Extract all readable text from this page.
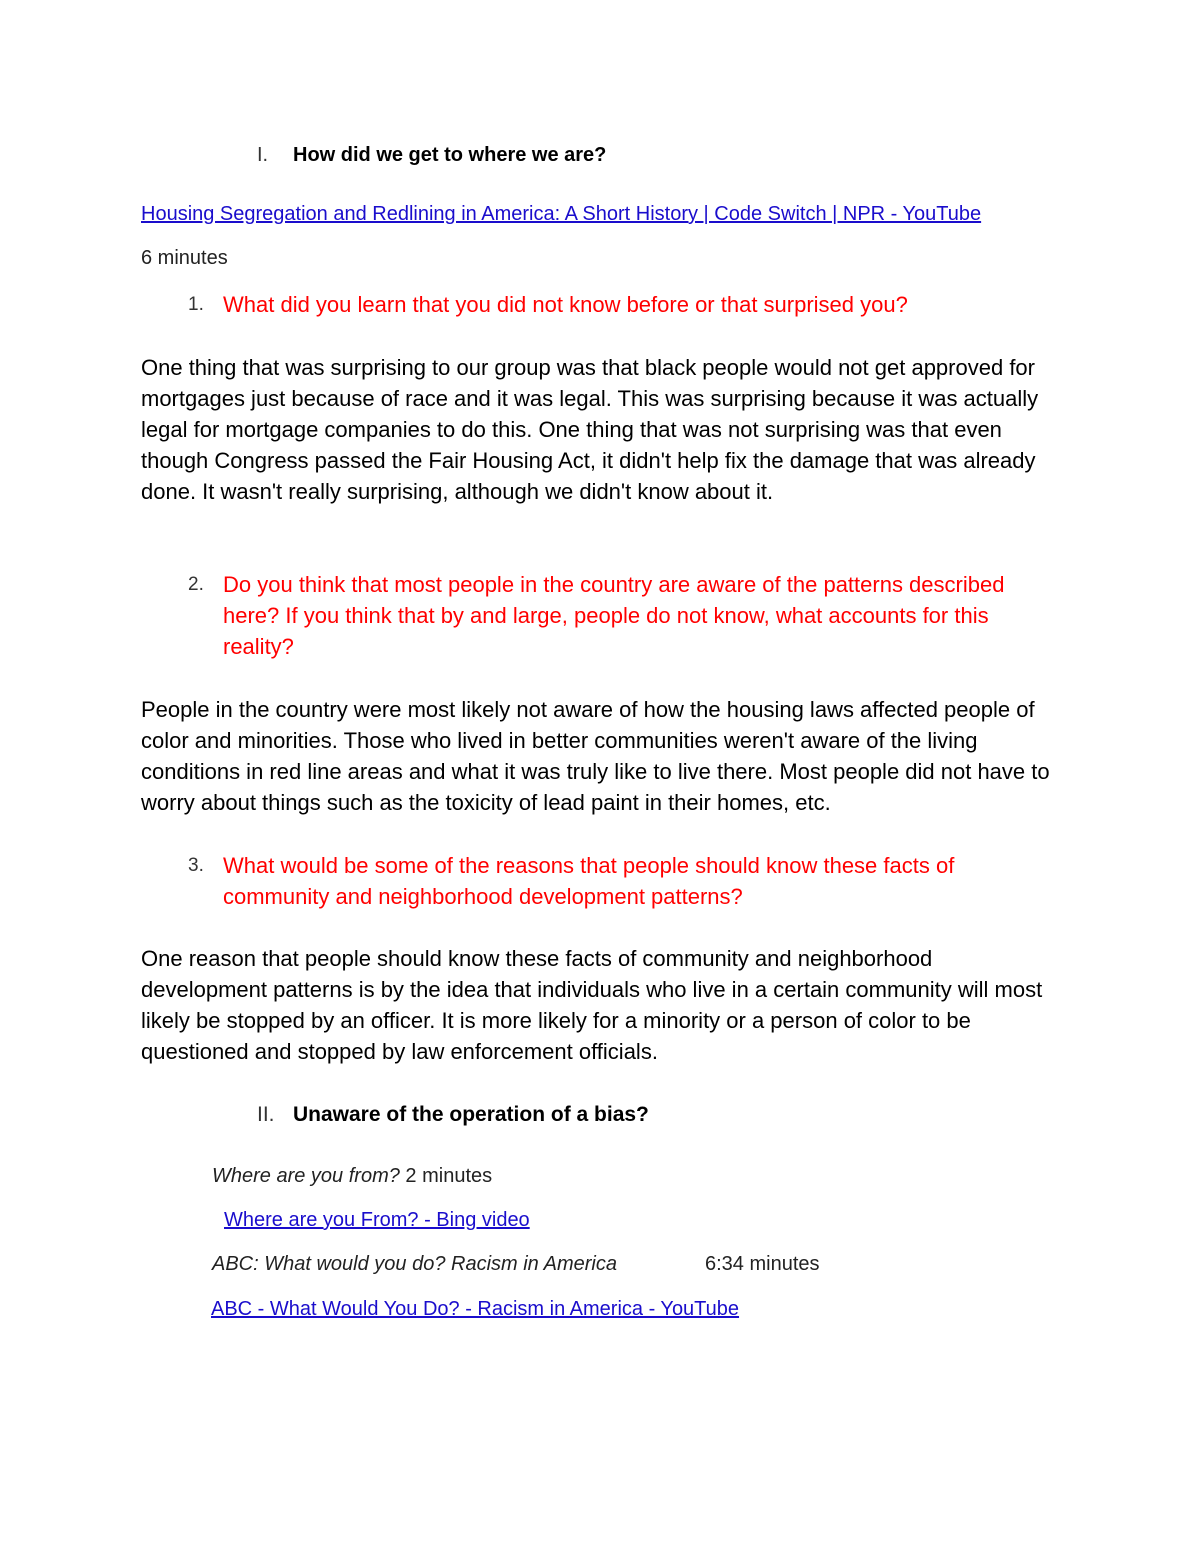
I. How did we get to where we are?
Housing Segregation and Redlining in America: A Short History | Code Switch | NPR - YouTube
6 minutes
1. What did you learn that you did not know before or that surprised you?
One thing that was surprising to our group was that black people would not get approved for mortgages just because of race and it was legal. This was surprising because it was actually legal for mortgage companies to do this. One thing that was not surprising was that even though Congress passed the Fair Housing Act, it didn't help fix the damage that was already done. It wasn't really surprising, although we didn't know about it.
2. Do you think that most people in the country are aware of the patterns described here? If you think that by and large, people do not know, what accounts for this reality?
People in the country were most likely not aware of how the housing laws affected people of color and minorities. Those who lived in better communities weren't aware of the living conditions in red line areas and what it was truly like to live there. Most people did not have to worry about things such as the toxicity of lead paint in their homes, etc.
3. What would be some of the reasons that people should know these facts of community and neighborhood development patterns?
One reason that people should know these facts of community and neighborhood development patterns is by the idea that individuals who live in a certain community will most likely be stopped by an officer. It is more likely for a minority or a person of color to be questioned and stopped by law enforcement officials.
II. Unaware of the operation of a bias?
Where are you from? 2 minutes
Where are you From? - Bing video
ABC: What would you do? Racism in America	6:34 minutes
ABC - What Would You Do? - Racism in America - YouTube
